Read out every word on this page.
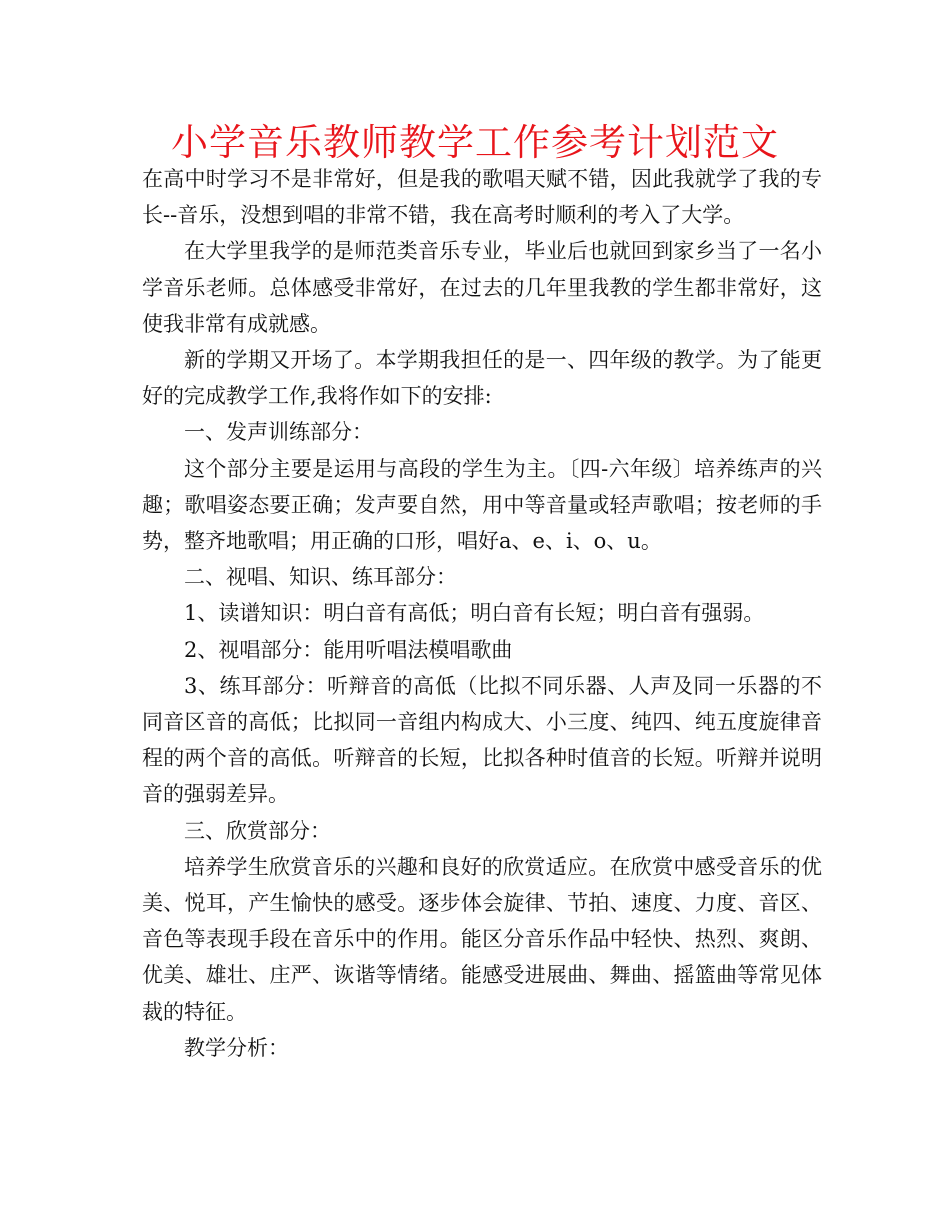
小学音乐教师教学工作参考计划范文

在高中时学习不是非常好，但是我的歌唱天赋不错，因此我就学了我的专长--音乐，没想到唱的非常不错，我在高考时顺利的考入了大学。

在大学里我学的是师范类音乐专业，毕业后也就回到家乡当了一名小学音乐老师。总体感受非常好，在过去的几年里我教的学生都非常好，这使我非常有成就感。

新的学期又开场了。本学期我担任的是一、四年级的教学。为了能更好的完成教学工作,我将作如下的安排:

一、发声训练部分：

这个部分主要是运用与高段的学生为主。〔四-六年级〕培养练声的兴趣；歌唱姿态要正确；发声要自然，用中等音量或轻声歌唱；按老师的手势，整齐地歌唱；用正确的口形，唱好a、e、i、o、u。

二、视唱、知识、练耳部分：

1、读谱知识：明白音有高低；明白音有长短；明白音有强弱。

2、视唱部分：能用听唱法模唱歌曲

3、练耳部分：听辩音的高低（比拟不同乐器、人声及同一乐器的不同音区音的高低；比拟同一音组内构成大、小三度、纯四、纯五度旋律音程的两个音的高低。听辩音的长短，比拟各种时值音的长短。听辩并说明音的强弱差异。

三、欣赏部分：

培养学生欣赏音乐的兴趣和良好的欣赏适应。在欣赏中感受音乐的优美、悦耳，产生愉快的感受。逐步体会旋律、节拍、速度、力度、音区、音色等表现手段在音乐中的作用。能区分音乐作品中轻快、热烈、爽朗、优美、雄壮、庄严、诙谐等情绪。能感受进展曲、舞曲、摇篮曲等常见体裁的特征。

教学分析：
